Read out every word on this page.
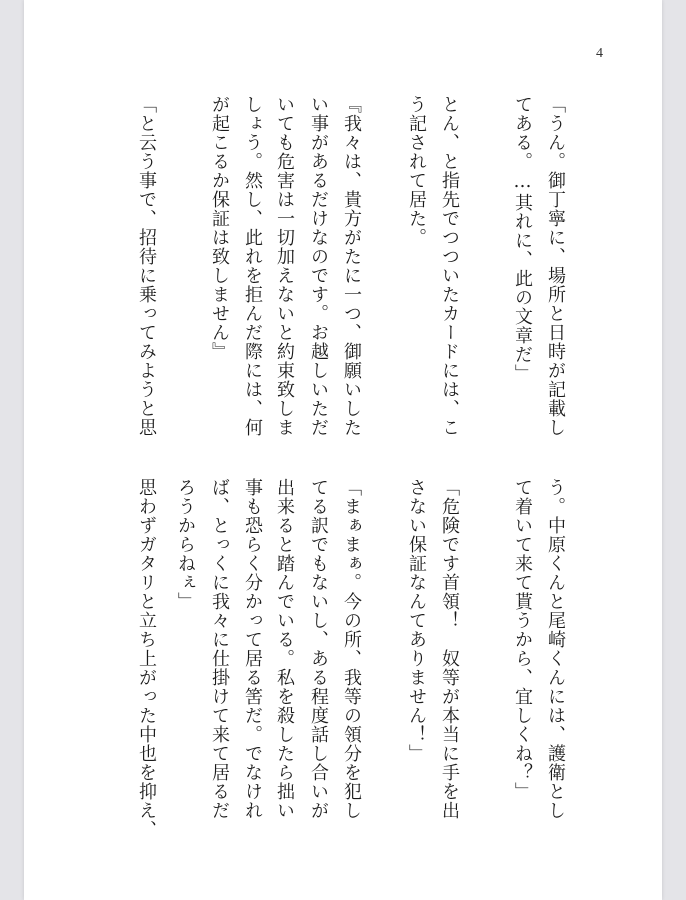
4
「うん。御丁寧に、場所と日時が記載し
てある。…其れに、此の文章だ」
とん、と指先でつついたカードには、こ
う記されて居た。
『我々は、貴方がたに一つ、御願いした
い事があるだけなのです。お越しいただ
いても危害は一切加えないと約束致しま
しょう。然し、此れを拒んだ際には、何
が起こるか保証は致しません』
「と云う事で、招待に乗ってみようと思
う。中原くんと尾崎くんには、護衛とし
て着いて来て貰うから、宜しくね？」
「危険です首領！　奴等が本当に手を出
さない保証なんてありません！」
「まぁまぁ。今の所、我等の領分を犯し
てる訳でもないし、ある程度話し合いが
出来ると踏んでいる。私を殺したら拙い
事も恐らく分かって居る筈だ。でなけれ
ば、とっくに我々に仕掛けて来て居るだ
ろうからねぇ」
思わずガタリと立ち上がった中也を抑え、
